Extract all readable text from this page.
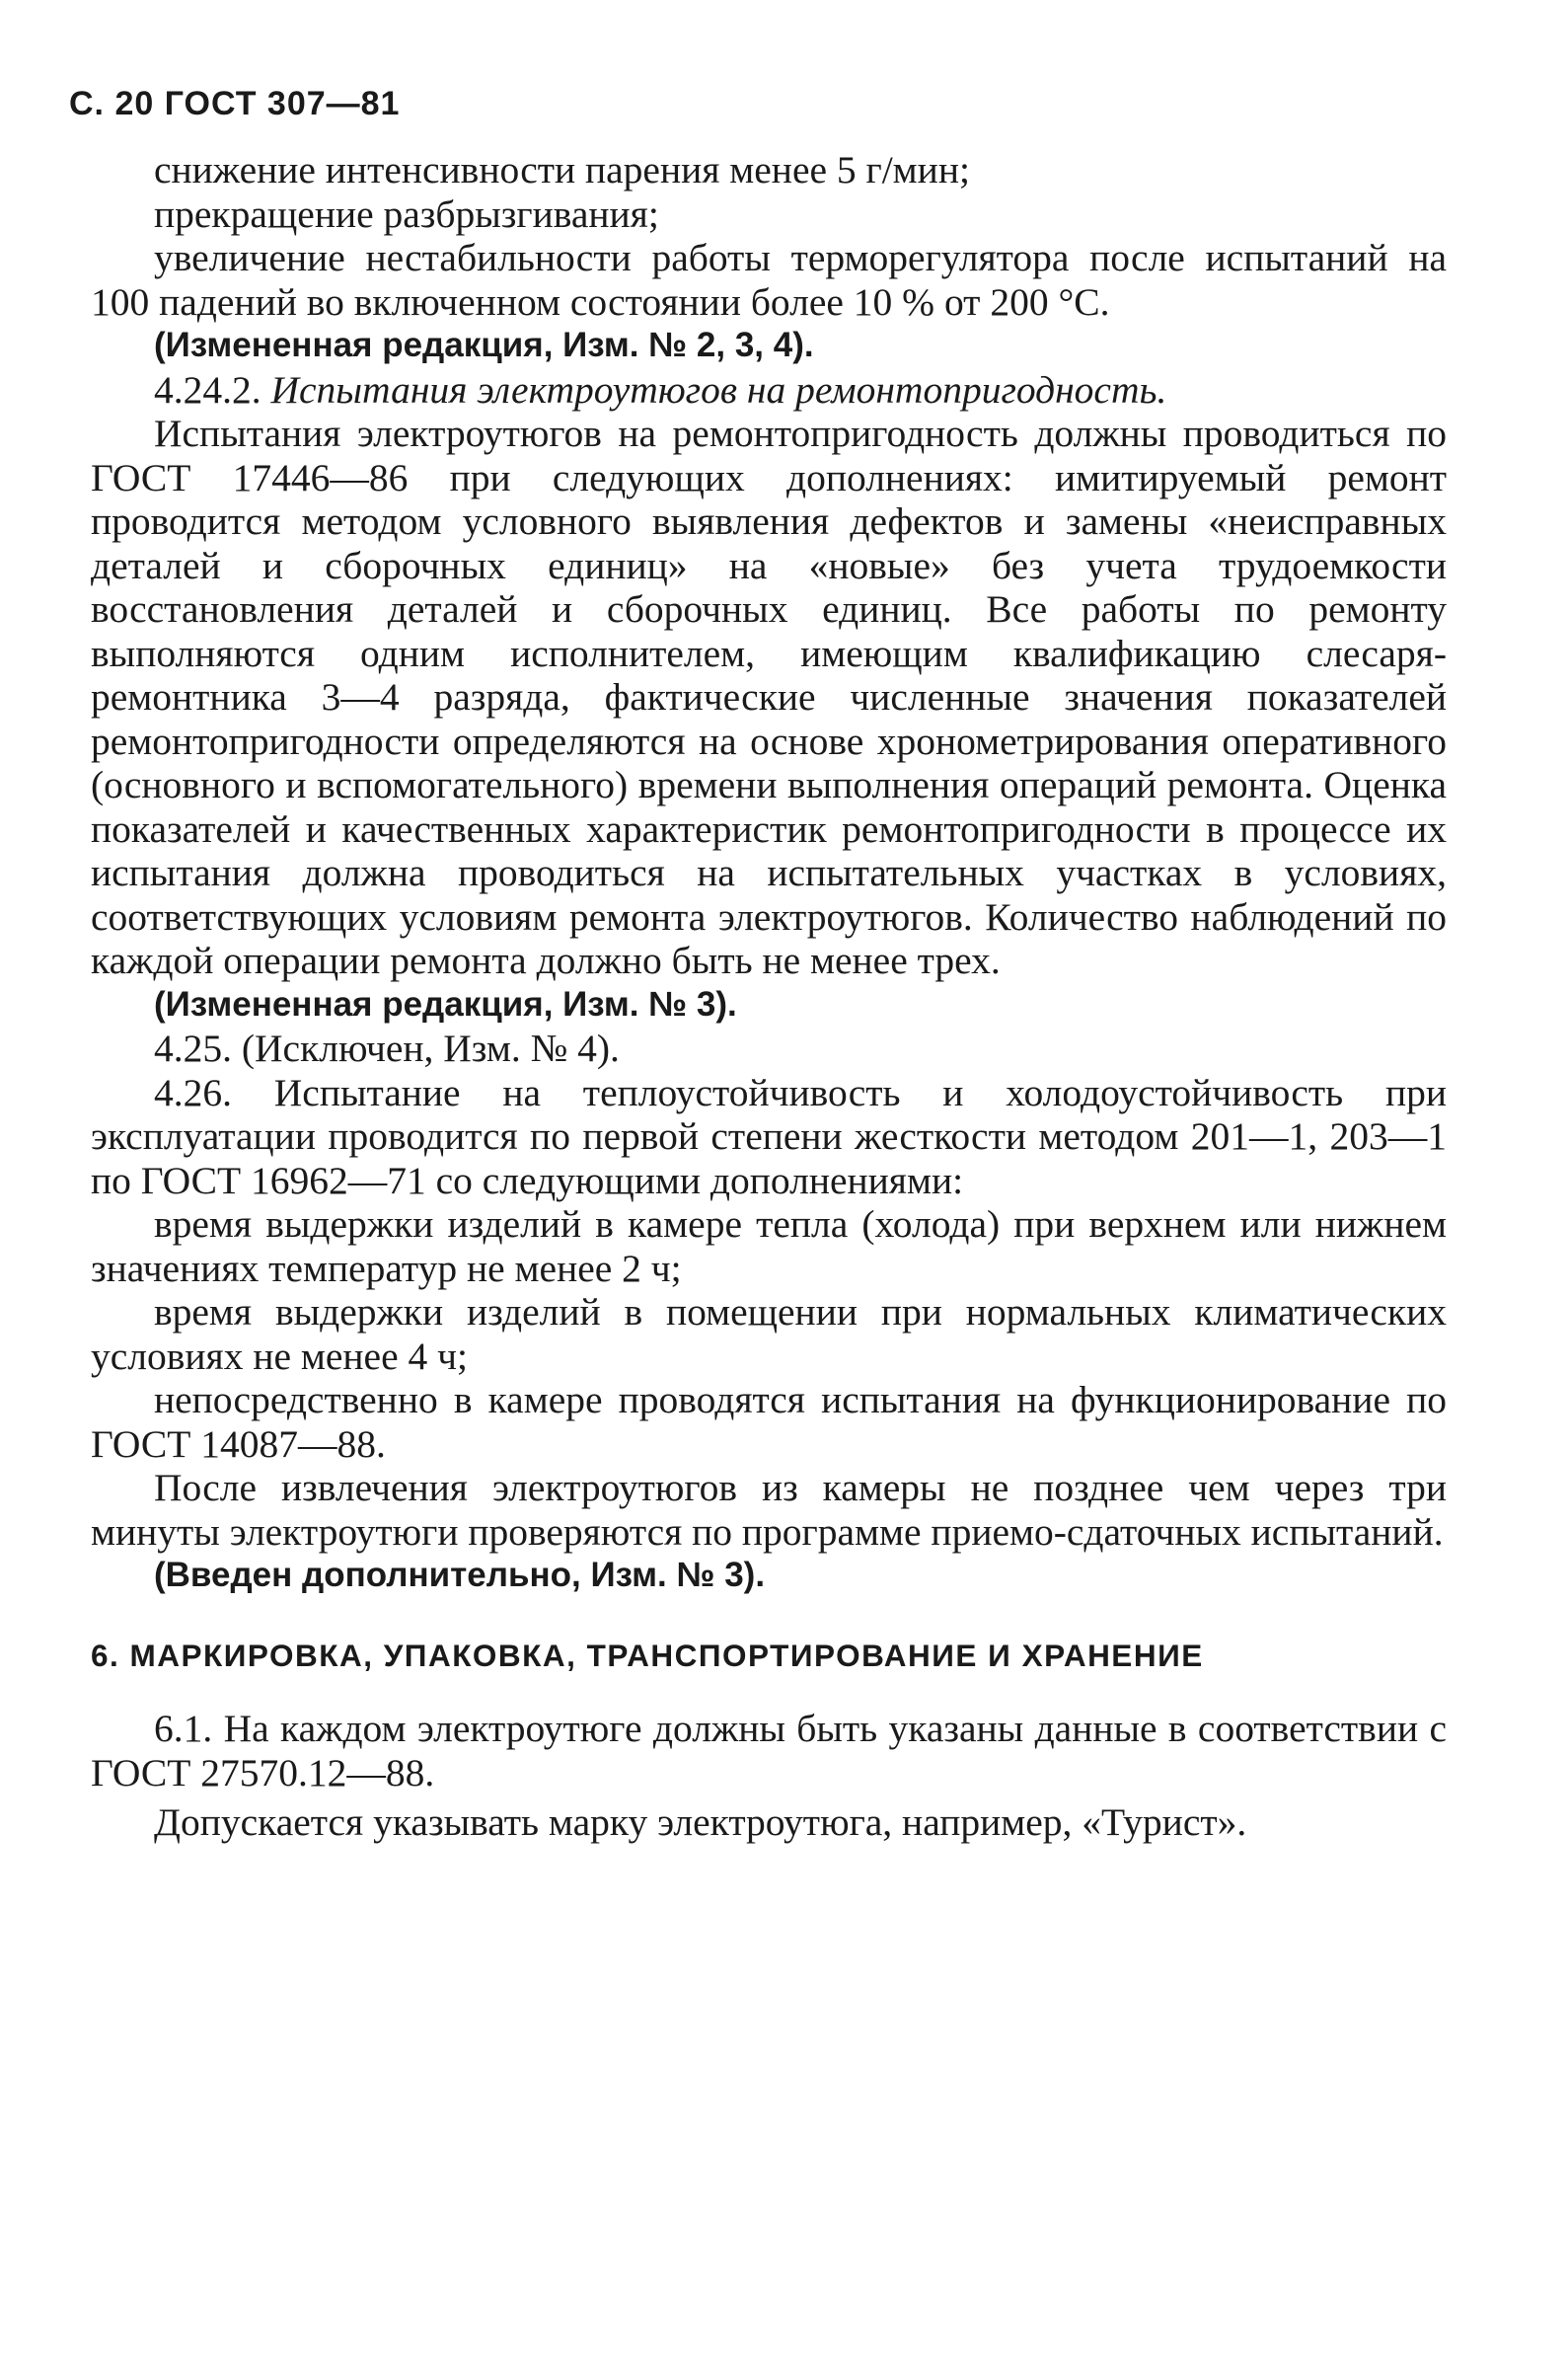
С. 20 ГОСТ 307—81

снижение интенсивности парения менее 5 г/мин;

прекращение разбрызгивания;

увеличение нестабильности работы терморегулятора после испытаний на 100 падений во включенном состоянии более 10 % от 200 °С.

(Измененная редакция, Изм. № 2, 3, 4).

4.24.2. Испытания электроутюгов на ремонтопригодность.

Испытания электроутюгов на ремонтопригодность должны проводиться по ГОСТ 17446—86 при следующих дополнениях: имитируемый ремонт проводится методом условного выявления дефектов и замены «неисправных деталей и сборочных единиц» на «новые» без учета трудоемкости восстановления деталей и сборочных единиц. Все работы по ремонту выполняются одним исполнителем, имеющим квалификацию слесаря-ремонтника 3—4 разряда, фактические численные значения показателей ремонтопригодности определяются на основе хронометрирования оперативного (основного и вспомогательного) времени выполнения операций ремонта. Оценка показателей и качественных характеристик ремонтопригодности в процессе их испытания должна проводиться на испытательных участках в условиях, соответствующих условиям ремонта электроутюгов. Количество наблюдений по каждой операции ремонта должно быть не менее трех.

(Измененная редакция, Изм. № 3).

4.25. (Исключен, Изм. № 4).

4.26. Испытание на теплоустойчивость и холодоустойчивость при эксплуатации проводится по первой степени жесткости методом 201—1, 203—1 по ГОСТ 16962—71 со следующими дополнениями:

время выдержки изделий в камере тепла (холода) при верхнем или нижнем значениях температур не менее 2 ч;

время выдержки изделий в помещении при нормальных климатических условиях не менее 4 ч;

непосредственно в камере проводятся испытания на функционирование по ГОСТ 14087—88.

После извлечения электроутюгов из камеры не позднее чем через три минуты электроутюги проверяются по программе приемо-сдаточных испытаний.

(Введен дополнительно, Изм. № 3).

6. МАРКИРОВКА, УПАКОВКА, ТРАНСПОРТИРОВАНИЕ И ХРАНЕНИЕ

6.1. На каждом электроутюге должны быть указаны данные в соответствии с ГОСТ 27570.12—88.

Допускается указывать марку электроутюга, например, «Турист».
